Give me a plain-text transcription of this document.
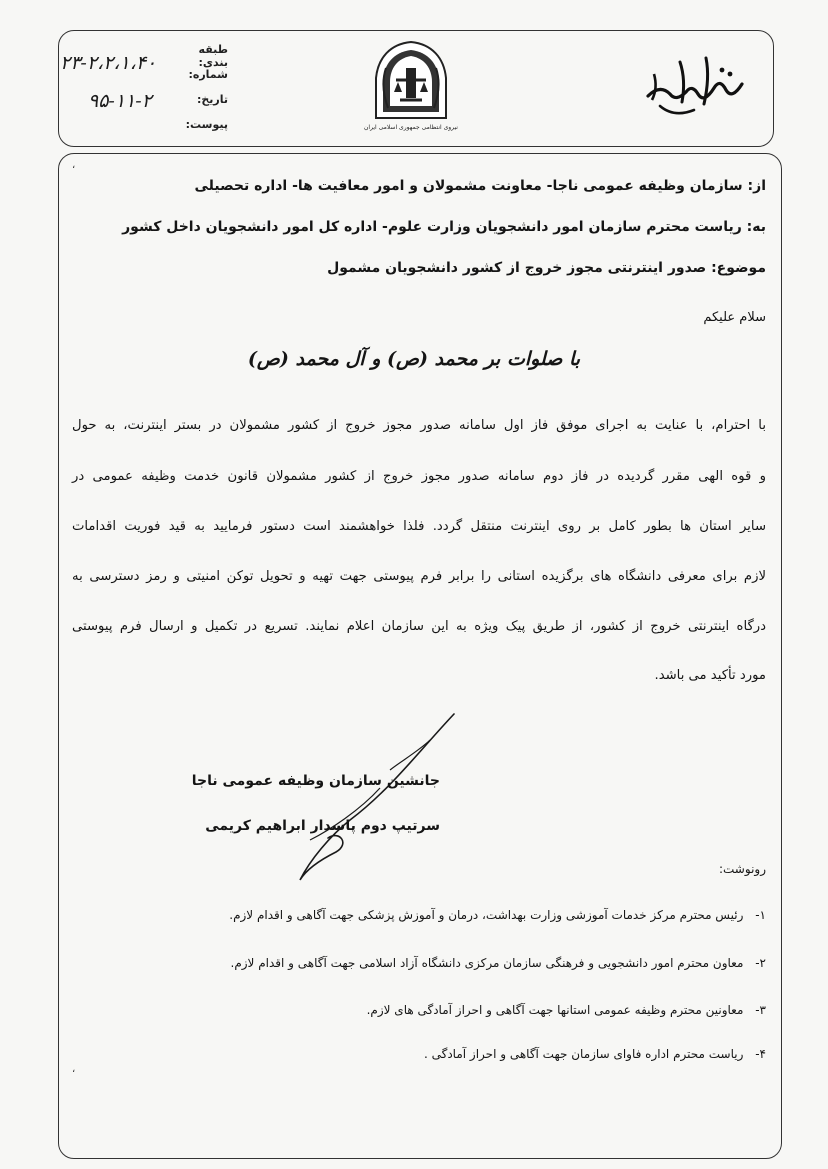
نیروی انتظامی جمهوری اسلامی ایران
طبقه بندی:
شماره:
تاریخ:
پیوست:
۲۳-۲،۲،۱،۴۰
۹۵-۱۱-۲
،
،
از: سازمان وظیفه عمومی ناجا- معاونت مشمولان و امور معافیت ها- اداره تحصیلی
به: ریاست محترم سازمان امور دانشجویان وزارت علوم- اداره کل امور دانشجویان داخل کشور
موضوع: صدور اینترنتی مجوز خروج از کشور دانشجویان مشمول
سلام علیکم
با صلوات بر محمد (ص) و آل محمد (ص)
با احترام، با عنایت به اجرای موفق فاز اول سامانه صدور مجوز خروج از کشور مشمولان در بستر اینترنت، به حول
و قوه الهی مقرر گردیده در فاز دوم سامانه صدور مجوز خروج از کشور مشمولان قانون خدمت وظیفه عمومی در
سایر استان ها بطور کامل بر روی اینترنت منتقل گردد. فلذا خواهشمند است دستور فرمایید به قید فوریت اقدامات
لازم برای معرفی دانشگاه های برگزیده استانی را برابر فرم پیوستی جهت تهیه و تحویل توکن امنیتی و رمز دسترسی به
درگاه اینترنتی خروج از کشور، از طریق پیک ویژه به این سازمان اعلام نمایند. تسریع در تکمیل و ارسال فرم پیوستی
مورد تأکید می باشد.
جانشین سازمان وظیفه عمومی ناجا
سرتیپ دوم پاسدار ابراهیم کریمی
رونوشت:
۱- رئیس محترم مرکز خدمات آموزشی وزارت بهداشت، درمان و آموزش پزشکی جهت آگاهی و اقدام لازم.
۲- معاون محترم امور دانشجویی و فرهنگی سازمان مرکزی دانشگاه آزاد اسلامی جهت آگاهی و اقدام لازم.
۳- معاونین محترم وظیفه عمومی استانها جهت آگاهی و احراز آمادگی های لازم.
۴- ریاست محترم اداره فاوای سازمان جهت آگاهی و احراز آمادگی .
